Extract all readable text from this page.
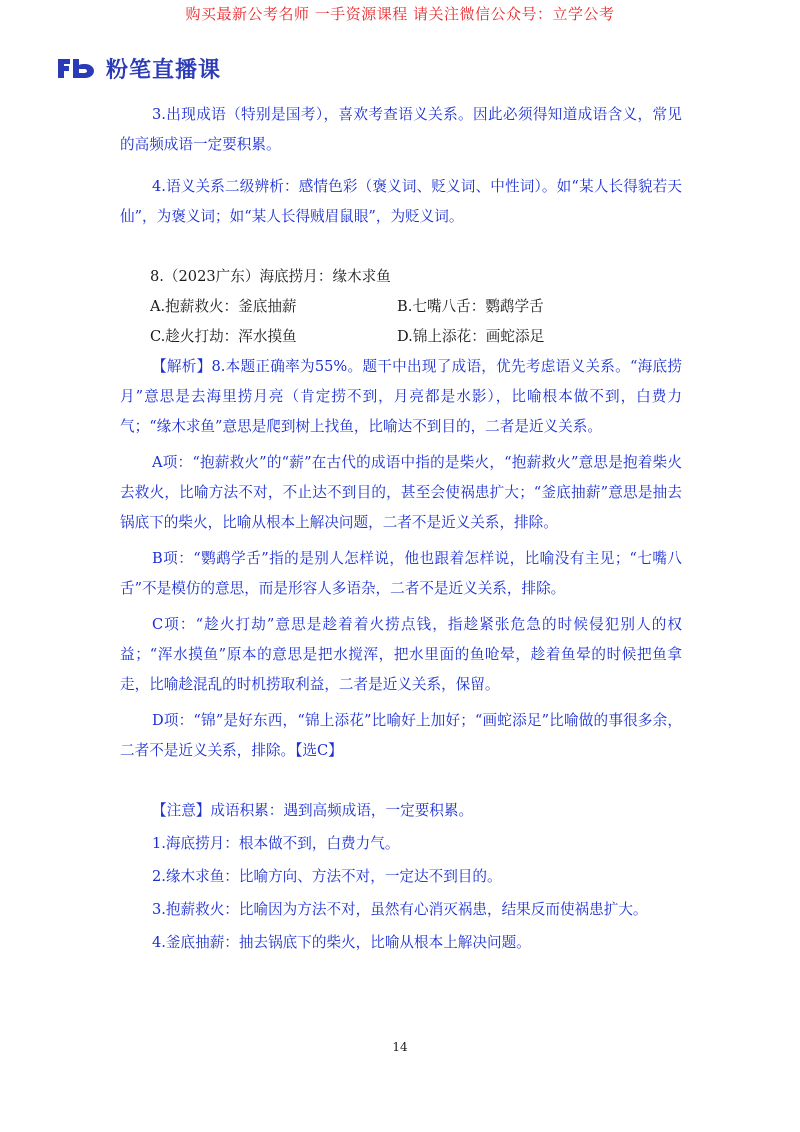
购买最新公考名师 一手资源课程 请关注微信公众号：立学公考
粉笔直播课

3.出现成语（特别是国考），喜欢考查语义关系。因此必须得知道成语含义，常见的高频成语一定要积累。

4.语义关系二级辨析：感情色彩（褒义词、贬义词、中性词）。如“某人长得貌若天仙”，为褒义词；如“某人长得贼眉鼠眼”，为贬义词。

8.（2023广东）海底捞月：缘木求鱼

A.抱薪救火：釜底抽薪	B.七嘴八舌：鹦鹉学舌
C.趁火打劫：浑水摸鱼	D.锦上添花：画蛇添足

【解析】8.本题正确率为55%。题干中出现了成语，优先考虑语义关系。“海底捞月”意思是去海里捞月亮（肯定捞不到，月亮都是水影），比喻根本做不到，白费力气；“缘木求鱼”意思是爬到树上找鱼，比喻达不到目的，二者是近义关系。

A项：“抱薪救火”的“薪”在古代的成语中指的是柴火，“抱薪救火”意思是抱着柴火去救火，比喻方法不对，不止达不到目的，甚至会使祸患扩大；“釜底抽薪”意思是抽去锅底下的柴火，比喻从根本上解决问题，二者不是近义关系，排除。

B项：“鹦鹉学舌”指的是别人怎样说，他也跟着怎样说，比喻没有主见；“七嘴八舌”不是模仿的意思，而是形容人多语杂，二者不是近义关系，排除。

C项：“趁火打劫”意思是趁着着火捞点钱，指趁紧张危急的时候侵犯别人的权益；“浑水摸鱼”原本的意思是把水搅浑，把水里面的鱼呛晕，趁着鱼晕的时候把鱼拿走，比喻趁混乱的时机捞取利益，二者是近义关系，保留。

D项：“锦”是好东西，“锦上添花”比喻好上加好；“画蛇添足”比喻做的事很多余，二者不是近义关系，排除。【选C】

【注意】成语积累：遇到高频成语，一定要积累。

1.海底捞月：根本做不到，白费力气。

2.缘木求鱼：比喻方向、方法不对，一定达不到目的。

3.抱薪救火：比喻因为方法不对，虽然有心消灭祸患，结果反而使祸患扩大。

4.釜底抽薪：抽去锅底下的柴火，比喻从根本上解决问题。

14
